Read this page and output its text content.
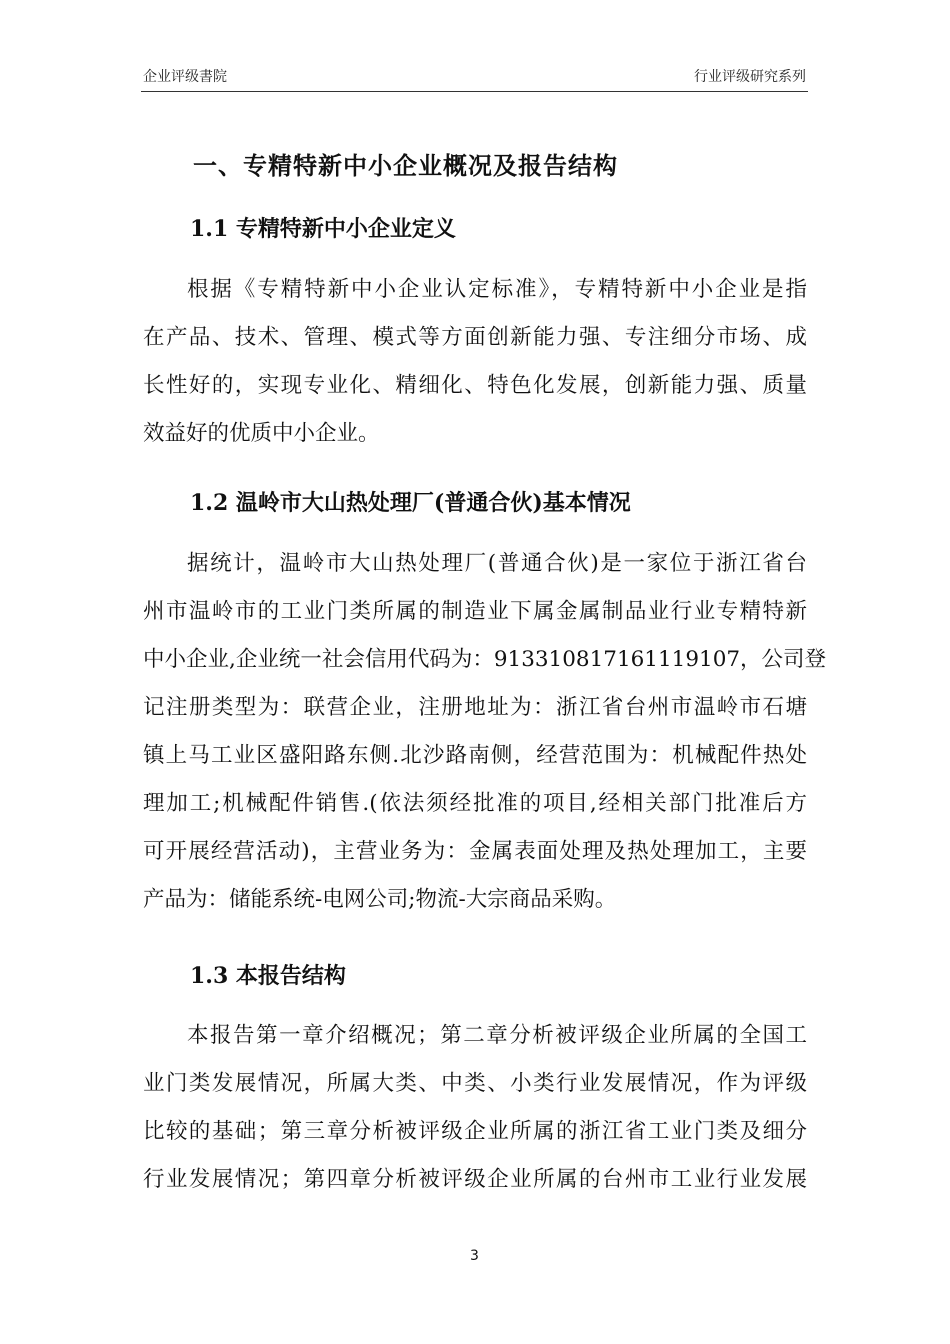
企业评级書院	行业评级研究系列
一、专精特新中小企业概况及报告结构
1.1 专精特新中小企业定义
根据《专精特新中小企业认定标准》，专精特新中小企业是指
在产品、技术、管理、模式等方面创新能力强、专注细分市场、成
长性好的，实现专业化、精细化、特色化发展，创新能力强、质量
效益好的优质中小企业。
1.2 温岭市大山热处理厂(普通合伙)基本情况
据统计，温岭市大山热处理厂(普通合伙)是一家位于浙江省台
州市温岭市的工业门类所属的制造业下属金属制品业行业专精特新
中小企业,企业统一社会信用代码为：913310817161119107，公司登
记注册类型为：联营企业，注册地址为：浙江省台州市温岭市石塘
镇上马工业区盛阳路东侧.北沙路南侧，经营范围为：机械配件热处
理加工;机械配件销售.(依法须经批准的项目,经相关部门批准后方
可开展经营活动)，主营业务为：金属表面处理及热处理加工，主要
产品为：储能系统-电网公司;物流-大宗商品采购。
1.3 本报告结构
本报告第一章介绍概况；第二章分析被评级企业所属的全国工
业门类发展情况，所属大类、中类、小类行业发展情况，作为评级
比较的基础；第三章分析被评级企业所属的浙江省工业门类及细分
行业发展情况；第四章分析被评级企业所属的台州市工业行业发展
3
